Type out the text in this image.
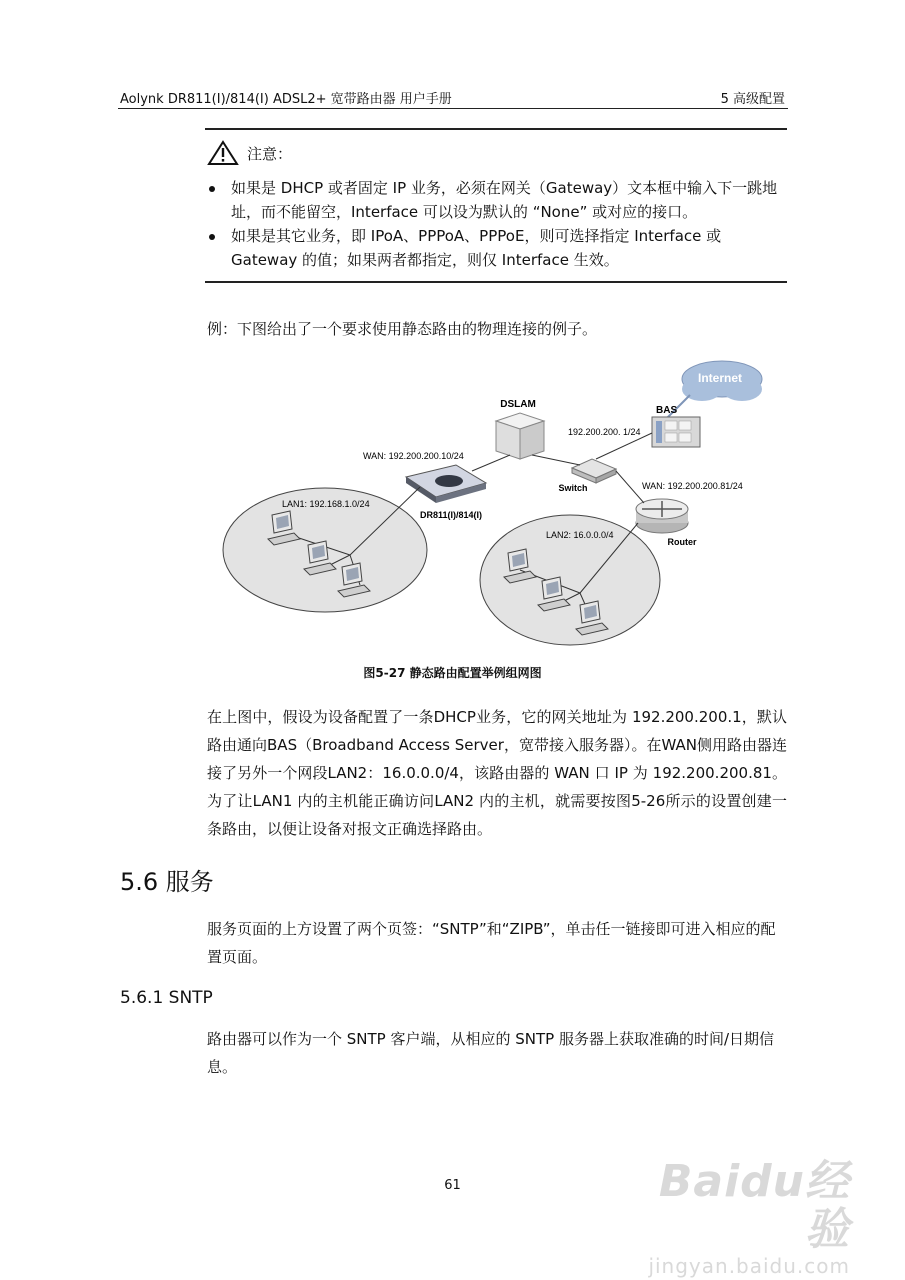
Aolynk DR811(I)/814(I) ADSL2+ 宽带路由器 用户手册	5 高级配置
注意：
如果是 DHCP 或者固定 IP 业务，必须在网关（Gateway）文本框中输入下一跳地址，而不能留空，Interface 可以设为默认的 “None” 或对应的接口。
如果是其它业务，即 IPoA、PPPoA、PPPoE，则可选择指定 Interface 或 Gateway 的值；如果两者都指定，则仅 Interface 生效。
例：下图给出了一个要求使用静态路由的物理连接的例子。
Internet
BAS
DSLAM
192.200.200. 1/24
Switch
Router
WAN: 192.200.200.81/24
WAN: 192.200.200.10/24
DR811(I)/814(I)
LAN1: 192.168.1.0/24
LAN2: 16.0.0.0/4
图5-27 静态路由配置举例组网图
在上图中，假设为设备配置了一条DHCP业务，它的网关地址为 192.200.200.1，默认路由通向BAS（Broadband Access Server，宽带接入服务器）。在WAN侧用路由器连接了另外一个网段LAN2：16.0.0.0/4，该路由器的 WAN 口 IP 为 192.200.200.81。为了让LAN1 内的主机能正确访问LAN2 内的主机，就需要按图5-26所示的设置创建一条路由，以便让设备对报文正确选择路由。
5.6 服务
服务页面的上方设置了两个页签：“SNTP”和“ZIPB”，单击任一链接即可进入相应的配置页面。
5.6.1 SNTP
路由器可以作为一个 SNTP 客户端，从相应的 SNTP 服务器上获取准确的时间/日期信息。
61	Baidu经验
jingyan.baidu.com
